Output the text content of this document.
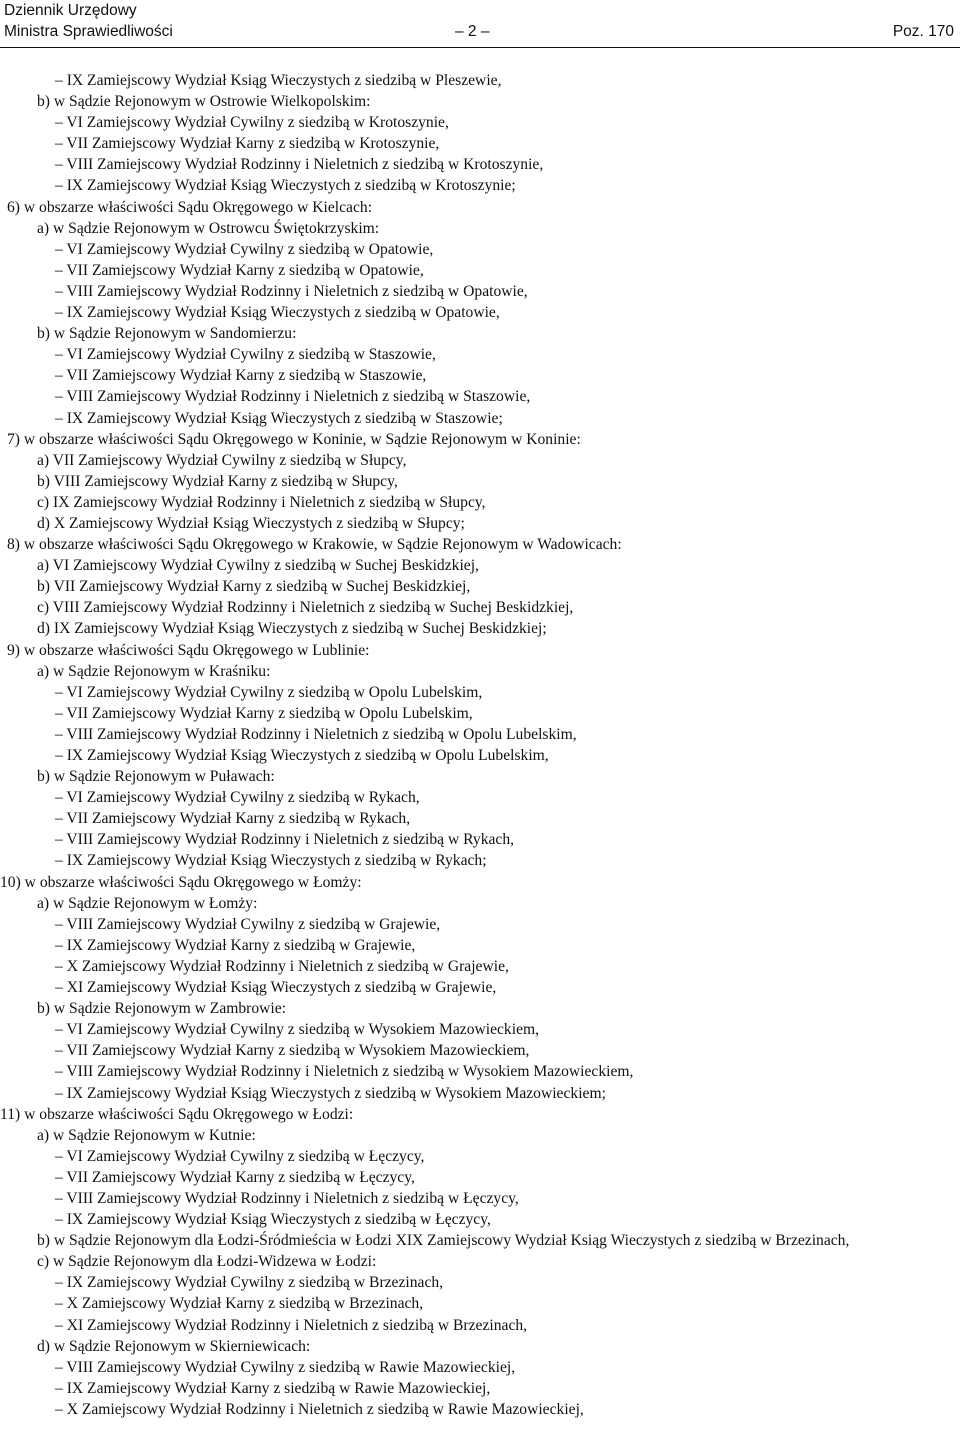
Dziennik Urzędowy
Ministra Sprawiedliwości	– 2 –	Poz. 170
– IX Zamiejscowy Wydział Ksiąg Wieczystych z siedzibą w Pleszewie,
b) w Sądzie Rejonowym w Ostrowie Wielkopolskim:
– VI Zamiejscowy Wydział Cywilny z siedzibą w Krotoszynie,
– VII Zamiejscowy Wydział Karny z siedzibą w Krotoszynie,
– VIII Zamiejscowy Wydział Rodzinny i Nieletnich z siedzibą w Krotoszynie,
– IX Zamiejscowy Wydział Ksiąg Wieczystych z siedzibą w Krotoszynie;
6) w obszarze właściwości Sądu Okręgowego w Kielcach:
a) w Sądzie Rejonowym w Ostrowcu Świętokrzyskim:
– VI Zamiejscowy Wydział Cywilny z siedzibą w Opatowie,
– VII Zamiejscowy Wydział Karny z siedzibą w Opatowie,
– VIII Zamiejscowy Wydział Rodzinny i Nieletnich z siedzibą w Opatowie,
– IX Zamiejscowy Wydział Ksiąg Wieczystych z siedzibą w Opatowie,
b) w Sądzie Rejonowym w Sandomierzu:
– VI Zamiejscowy Wydział Cywilny z siedzibą w Staszowie,
– VII Zamiejscowy Wydział Karny z siedzibą w Staszowie,
– VIII Zamiejscowy Wydział Rodzinny i Nieletnich z siedzibą w Staszowie,
– IX Zamiejscowy Wydział Ksiąg Wieczystych z siedzibą w Staszowie;
7) w obszarze właściwości Sądu Okręgowego w Koninie, w Sądzie Rejonowym w Koninie:
a) VII Zamiejscowy Wydział Cywilny z siedzibą w Słupcy,
b) VIII Zamiejscowy Wydział Karny z siedzibą w Słupcy,
c) IX Zamiejscowy Wydział Rodzinny i Nieletnich z siedzibą w Słupcy,
d) X Zamiejscowy Wydział Ksiąg Wieczystych z siedzibą w Słupcy;
8) w obszarze właściwości Sądu Okręgowego w Krakowie, w Sądzie Rejonowym w Wadowicach:
a) VI Zamiejscowy Wydział Cywilny z siedzibą w Suchej Beskidzkiej,
b) VII Zamiejscowy Wydział Karny z siedzibą w Suchej Beskidzkiej,
c) VIII Zamiejscowy Wydział Rodzinny i Nieletnich z siedzibą w Suchej Beskidzkiej,
d) IX Zamiejscowy Wydział Ksiąg Wieczystych z siedzibą w Suchej Beskidzkiej;
9) w obszarze właściwości Sądu Okręgowego w Lublinie:
a) w Sądzie Rejonowym w Kraśniku:
– VI Zamiejscowy Wydział Cywilny z siedzibą w Opolu Lubelskim,
– VII Zamiejscowy Wydział Karny z siedzibą w Opolu Lubelskim,
– VIII Zamiejscowy Wydział Rodzinny i Nieletnich z siedzibą w Opolu Lubelskim,
– IX Zamiejscowy Wydział Ksiąg Wieczystych z siedzibą w Opolu Lubelskim,
b) w Sądzie Rejonowym w Puławach:
– VI Zamiejscowy Wydział Cywilny z siedzibą w Rykach,
– VII Zamiejscowy Wydział Karny z siedzibą w Rykach,
– VIII Zamiejscowy Wydział Rodzinny i Nieletnich z siedzibą w Rykach,
– IX Zamiejscowy Wydział Ksiąg Wieczystych z siedzibą w Rykach;
10) w obszarze właściwości Sądu Okręgowego w Łomży:
a) w Sądzie Rejonowym w Łomży:
– VIII Zamiejscowy Wydział Cywilny z siedzibą w Grajewie,
– IX Zamiejscowy Wydział Karny z siedzibą w Grajewie,
– X Zamiejscowy Wydział Rodzinny i Nieletnich z siedzibą w Grajewie,
– XI Zamiejscowy Wydział Ksiąg Wieczystych z siedzibą w Grajewie,
b) w Sądzie Rejonowym w Zambrowie:
– VI Zamiejscowy Wydział Cywilny z siedzibą w Wysokiem Mazowieckiem,
– VII Zamiejscowy Wydział Karny z siedzibą w Wysokiem Mazowieckiem,
– VIII Zamiejscowy Wydział Rodzinny i Nieletnich z siedzibą w Wysokiem Mazowieckiem,
– IX Zamiejscowy Wydział Ksiąg Wieczystych z siedzibą w Wysokiem Mazowieckiem;
11) w obszarze właściwości Sądu Okręgowego w Łodzi:
a) w Sądzie Rejonowym w Kutnie:
– VI Zamiejscowy Wydział Cywilny z siedzibą w Łęczycy,
– VII Zamiejscowy Wydział Karny z siedzibą w Łęczycy,
– VIII Zamiejscowy Wydział Rodzinny i Nieletnich z siedzibą w Łęczycy,
– IX Zamiejscowy Wydział Ksiąg Wieczystych z siedzibą w Łęczycy,
b) w Sądzie Rejonowym dla Łodzi-Śródmieścia w Łodzi XIX Zamiejscowy Wydział Ksiąg Wieczystych z siedzibą w Brzezinach,
c) w Sądzie Rejonowym dla Łodzi-Widzewa w Łodzi:
– IX Zamiejscowy Wydział Cywilny z siedzibą w Brzezinach,
– X Zamiejscowy Wydział Karny z siedzibą w Brzezinach,
– XI Zamiejscowy Wydział Rodzinny i Nieletnich z siedzibą w Brzezinach,
d) w Sądzie Rejonowym w Skierniewicach:
– VIII Zamiejscowy Wydział Cywilny z siedzibą w Rawie Mazowieckiej,
– IX Zamiejscowy Wydział Karny z siedzibą w Rawie Mazowieckiej,
– X Zamiejscowy Wydział Rodzinny i Nieletnich z siedzibą w Rawie Mazowieckiej,
